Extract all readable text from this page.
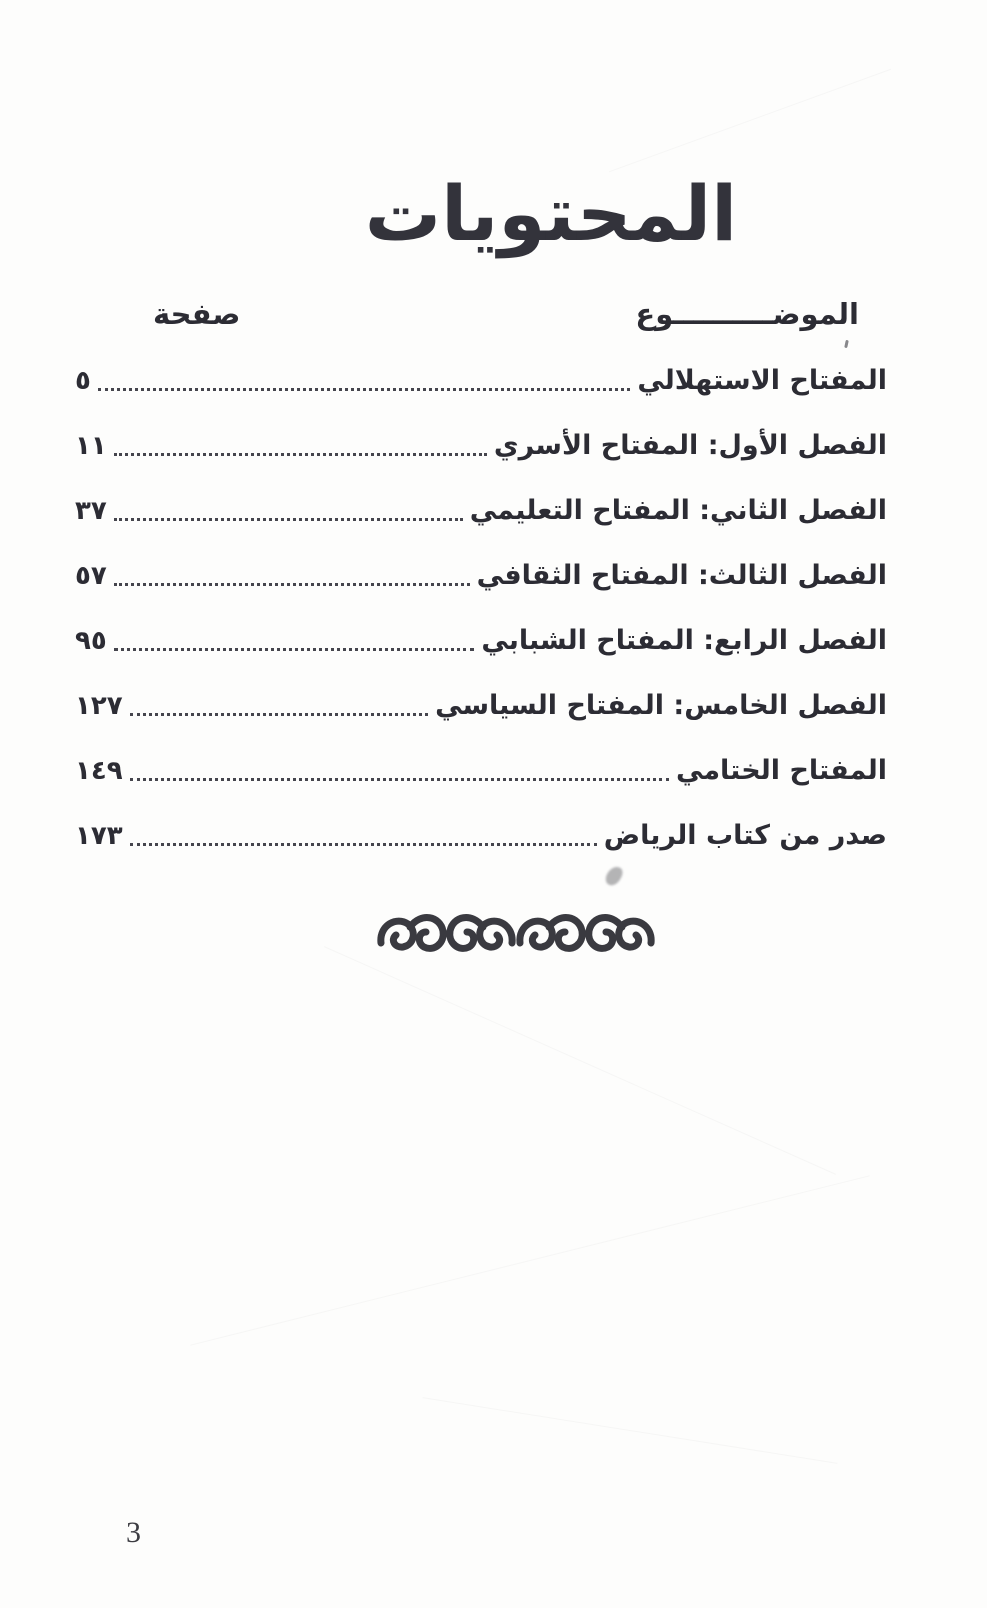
المحتويات
الموضــــــــــوع
صفحة
المفتاح الاستهلالي
٥
الفصل الأول: المفتاح الأسري
١١
الفصل الثاني: المفتاح التعليمي
٣٧
الفصل الثالث: المفتاح الثقافي
٥٧
الفصل الرابع: المفتاح الشبابي
٩٥
الفصل الخامس: المفتاح السياسي
١٢٧
المفتاح الختامي
١٤٩
صدر من كتاب الرياض
١٧٣
3
